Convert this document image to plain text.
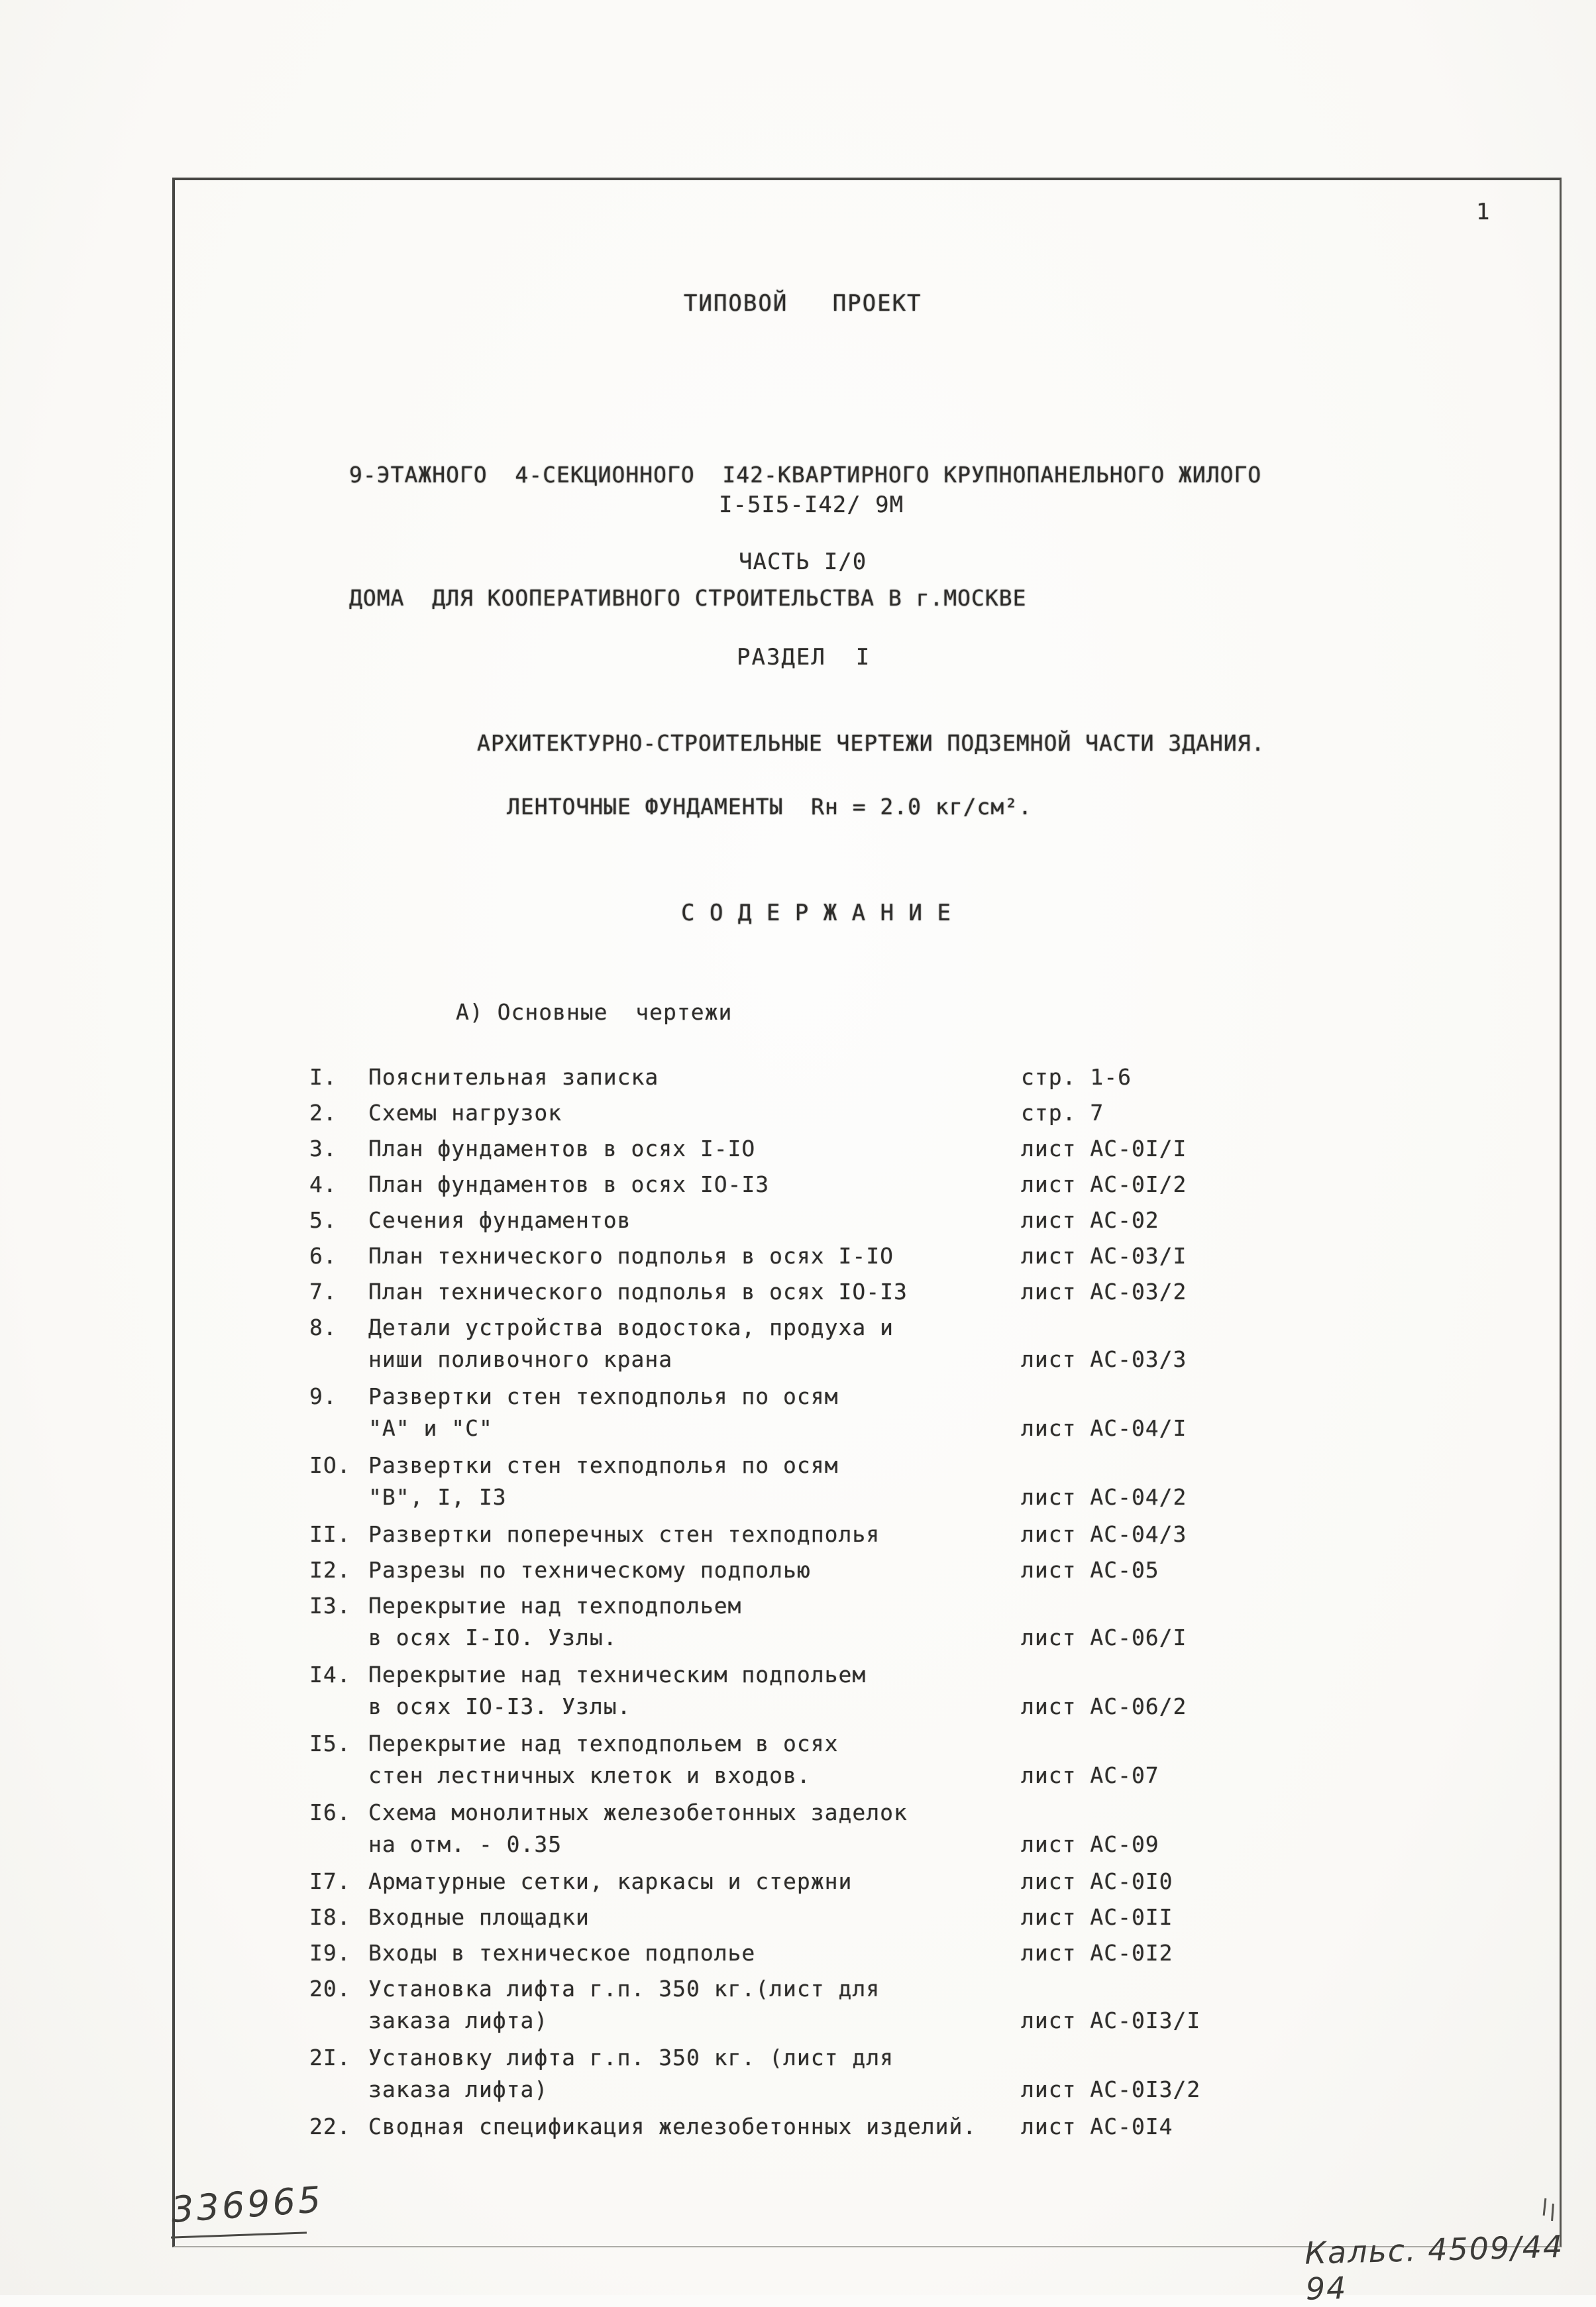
1
ТИПОВОЙ   ПРОЕКТ

9-ЭТАЖНОГО  4-СЕКЦИОННОГО  I42-КВАРТИРНОГО КРУПНОПАНЕЛЬНОГО ЖИЛОГО

ДОМА  ДЛЯ КООПЕРАТИВНОГО СТРОИТЕЛЬСТВА В г.МОСКВЕ

I-5I5-I42/ 9М
ЧАСТЬ I/0
РАЗДЕЛ  I
АРХИТЕКТУРНО-СТРОИТЕЛЬНЫЕ ЧЕРТЕЖИ ПОДЗЕМНОЙ ЧАСТИ ЗДАНИЯ.
ЛЕНТОЧНЫЕ ФУНДАМЕНТЫ  Rн = 2.0 кг/см².
С О Д Е Р Ж А Н И Е
А) Основные  чертежи
I.	Пояснительная записка	стр. 1-6
2.	Схемы нагрузок	стр. 7
3.	План фундаментов в осях I-IO	лист АС-0I/I
4.	План фундаментов в осях IO-I3	лист АС-0I/2
5.	Сечения фундаментов	лист АС-02
6.	План технического подполья в осях I-IO	лист АС-03/I
7.	План технического подполья в осях IO-I3	лист АС-03/2
8.	Детали устройства водостока, продуха и
ниши поливочного крана	лист АС-03/3
9.	Развертки стен техподполья по осям
"А" и "С"	лист АС-04/I
IO. Развертки стен техподполья по осям
"В", I, I3	лист АС-04/2
II. Развертки поперечных стен техподполья	лист АС-04/3
I2. Разрезы по техническому подполью	лист АС-05
I3. Перекрытие над техподпольем
в осях I-IO. Узлы.	лист АС-06/I
I4. Перекрытие над техническим подпольем
в осях IO-I3. Узлы.	лист АС-06/2
I5. Перекрытие над техподпольем в осях
стен лестничных клеток и входов.	лист АС-07
I6. Схема монолитных железобетонных заделок
на отм. - 0.35	лист АС-09
I7. Арматурные сетки, каркасы и стержни	лист АС-0I0
I8. Входные площадки	лист АС-0II
I9. Входы в техническое подполье	лист АС-0I2
20. Установка лифта г.п. 350 кг.(лист для
заказа лифта)	лист АС-0I3/I
2I. Установку лифта г.п. 350 кг. (лист для
заказа лифта)	лист АС-0I3/2
22. Сводная спецификация железобетонных изделий.	лист АС-0I4
336965
Кальс. 4509/44 94
